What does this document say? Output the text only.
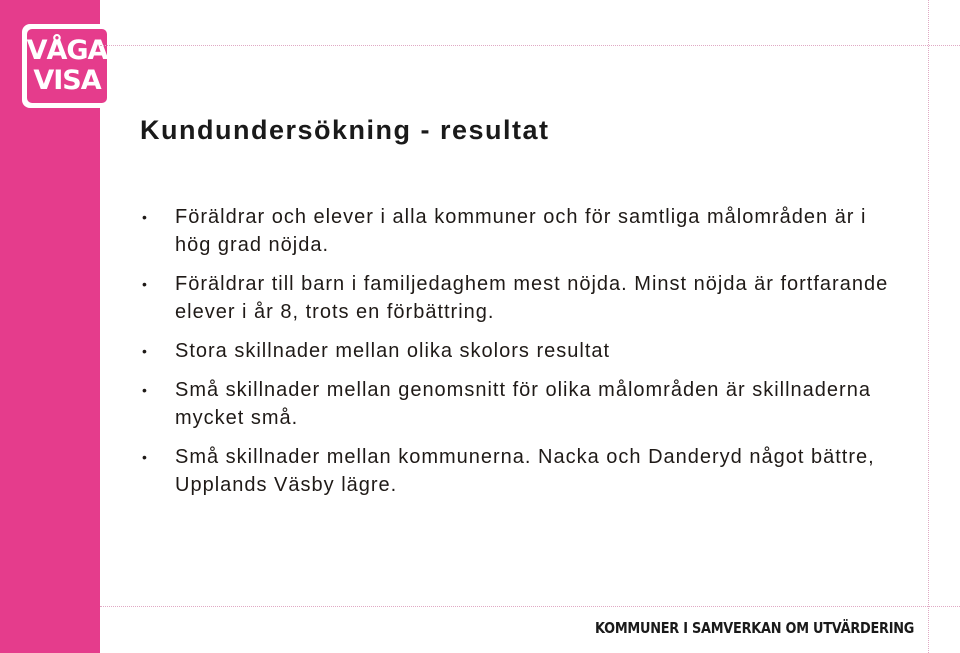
VÅGA
VISA
Kundundersökning - resultat
• Föräldrar och elever i alla kommuner och för samtliga målområden är i hög grad nöjda.
• Föräldrar till barn i familjedaghem mest nöjda. Minst nöjda är fortfarande elever i år 8, trots en förbättring.
• Stora skillnader mellan olika skolors resultat
• Små skillnader mellan genomsnitt för olika målområden är skillnaderna mycket små.
• Små skillnader mellan kommunerna. Nacka och Danderyd något bättre, Upplands Väsby lägre.
KOMMUNER I SAMVERKAN OM UTVÄRDERING
